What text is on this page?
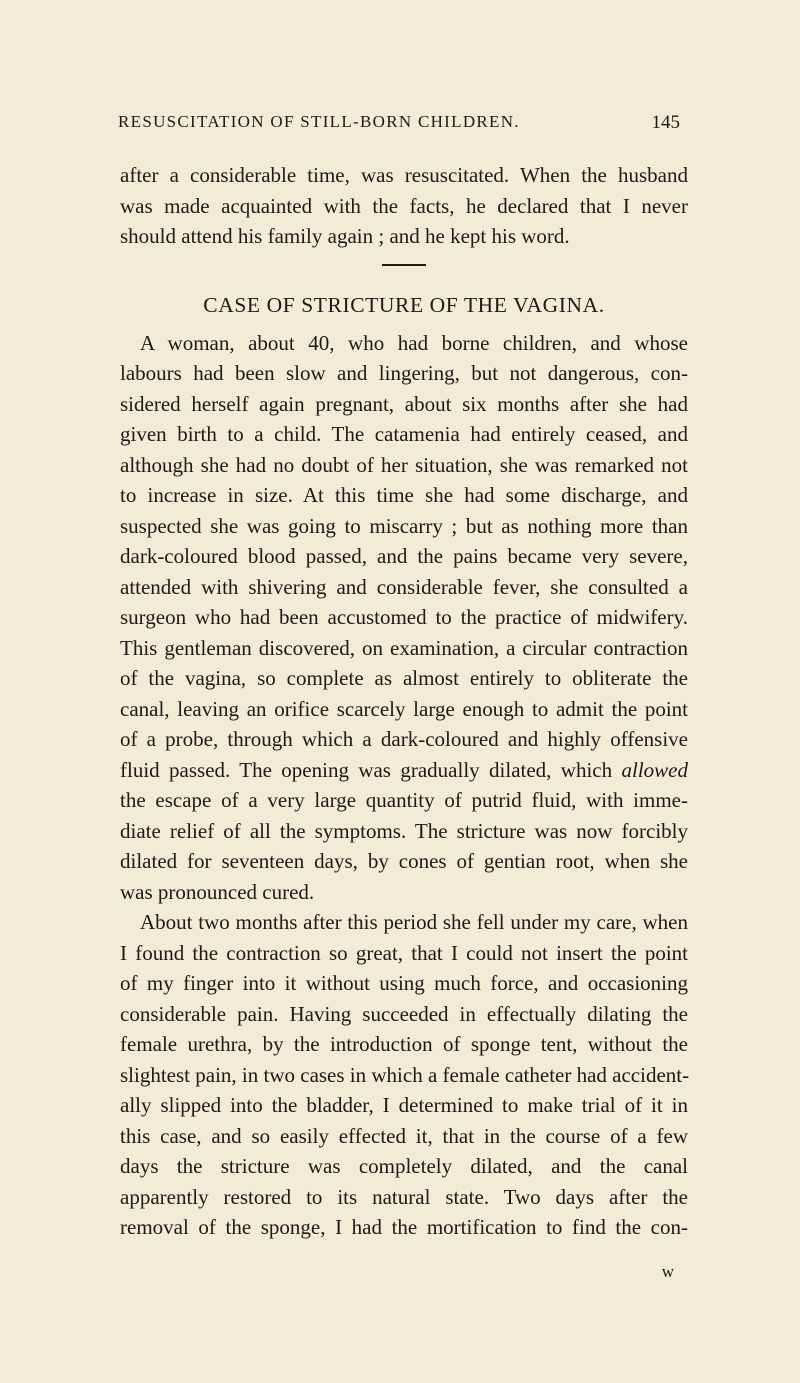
RESUSCITATION OF STILL-BORN CHILDREN.	145
after a considerable time, was resuscitated. When the husband
was made acquainted with the facts, he declared that I never
should attend his family again ; and he kept his word.
CASE OF STRICTURE OF THE VAGINA.
A woman, about 40, who had borne children, and whose
labours had been slow and lingering, but not dangerous, con-
sidered herself again pregnant, about six months after she had
given birth to a child. The catamenia had entirely ceased, and
although she had no doubt of her situation, she was remarked not
to increase in size. At this time she had some discharge, and
suspected she was going to miscarry ; but as nothing more than
dark-coloured blood passed, and the pains became very severe,
attended with shivering and considerable fever, she consulted a
surgeon who had been accustomed to the practice of midwifery.
This gentleman discovered, on examination, a circular contraction
of the vagina, so complete as almost entirely to obliterate the
canal, leaving an orifice scarcely large enough to admit the point
of a probe, through which a dark-coloured and highly offensive
fluid passed. The opening was gradually dilated, which allowed
the escape of a very large quantity of putrid fluid, with imme-
diate relief of all the symptoms. The stricture was now forcibly
dilated for seventeen days, by cones of gentian root, when she
was pronounced cured.
About two months after this period she fell under my care, when
I found the contraction so great, that I could not insert the point
of my finger into it without using much force, and occasioning
considerable pain. Having succeeded in effectually dilating the
female urethra, by the introduction of sponge tent, without the
slightest pain, in two cases in which a female catheter had accident-
ally slipped into the bladder, I determined to make trial of it in
this case, and so easily effected it, that in the course of a few
days the stricture was completely dilated, and the canal
apparently restored to its natural state. Two days after the
removal of the sponge, I had the mortification to find the con-
w
